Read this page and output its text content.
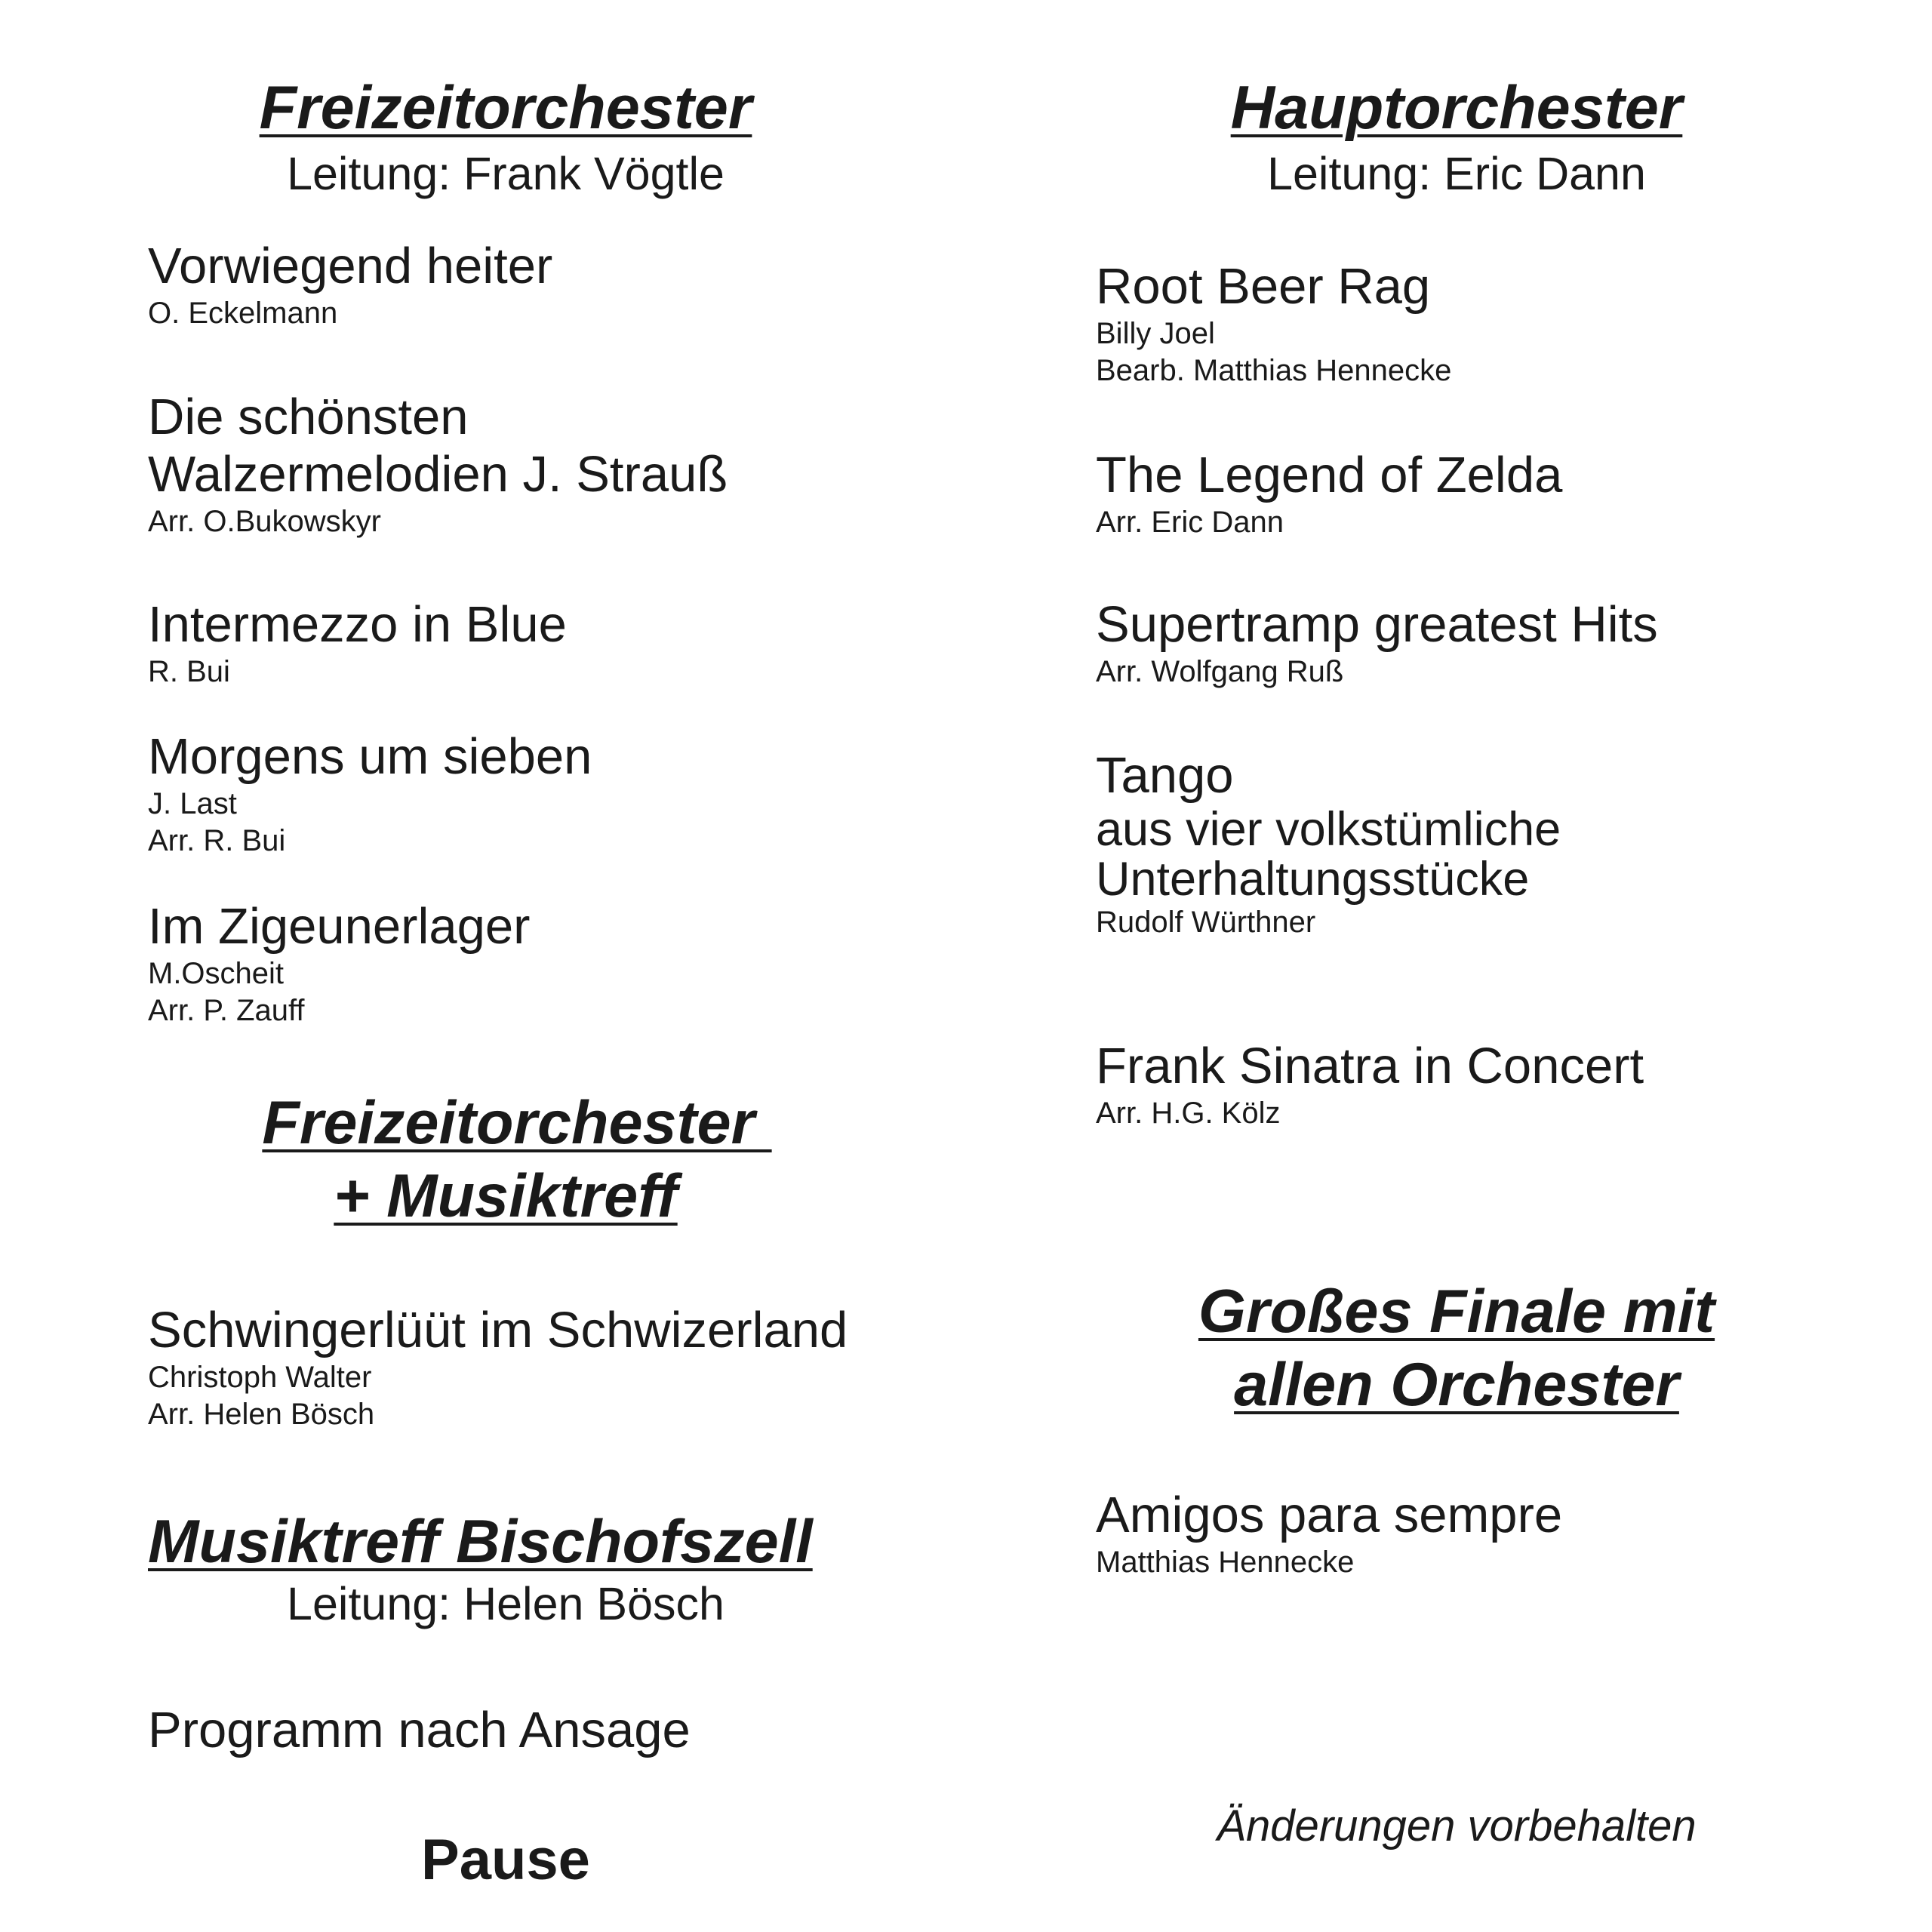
Freizeitorchester
Leitung: Frank Vögtle
Vorwiegend heiter
O. Eckelmann
Die schönsten
Walzermelodien J. Strauß
Arr. O.Bukowskyr
Intermezzo in Blue
R. Bui
Morgens um sieben
J. Last
Arr. R. Bui
Im Zigeunerlager
M.Oscheit
Arr. P. Zauff
Freizeitorchester
+ Musiktreff
Schwingerlüüt im Schwizerland
Christoph Walter
Arr. Helen Bösch
Musiktreff Bischofszell
Leitung: Helen Bösch
Programm nach Ansage
Pause
Hauptorchester
Leitung: Eric Dann
Root Beer Rag
Billy Joel
Bearb. Matthias Hennecke
The Legend of Zelda
Arr. Eric Dann
Supertramp greatest Hits
Arr. Wolfgang Ruß
Tango
aus vier volkstümliche
Unterhaltungsstücke
Rudolf Würthner
Frank Sinatra in Concert
Arr. H.G. Kölz
Großes Finale mit
allen Orchester
Amigos para sempre
Matthias Hennecke
Änderungen vorbehalten
